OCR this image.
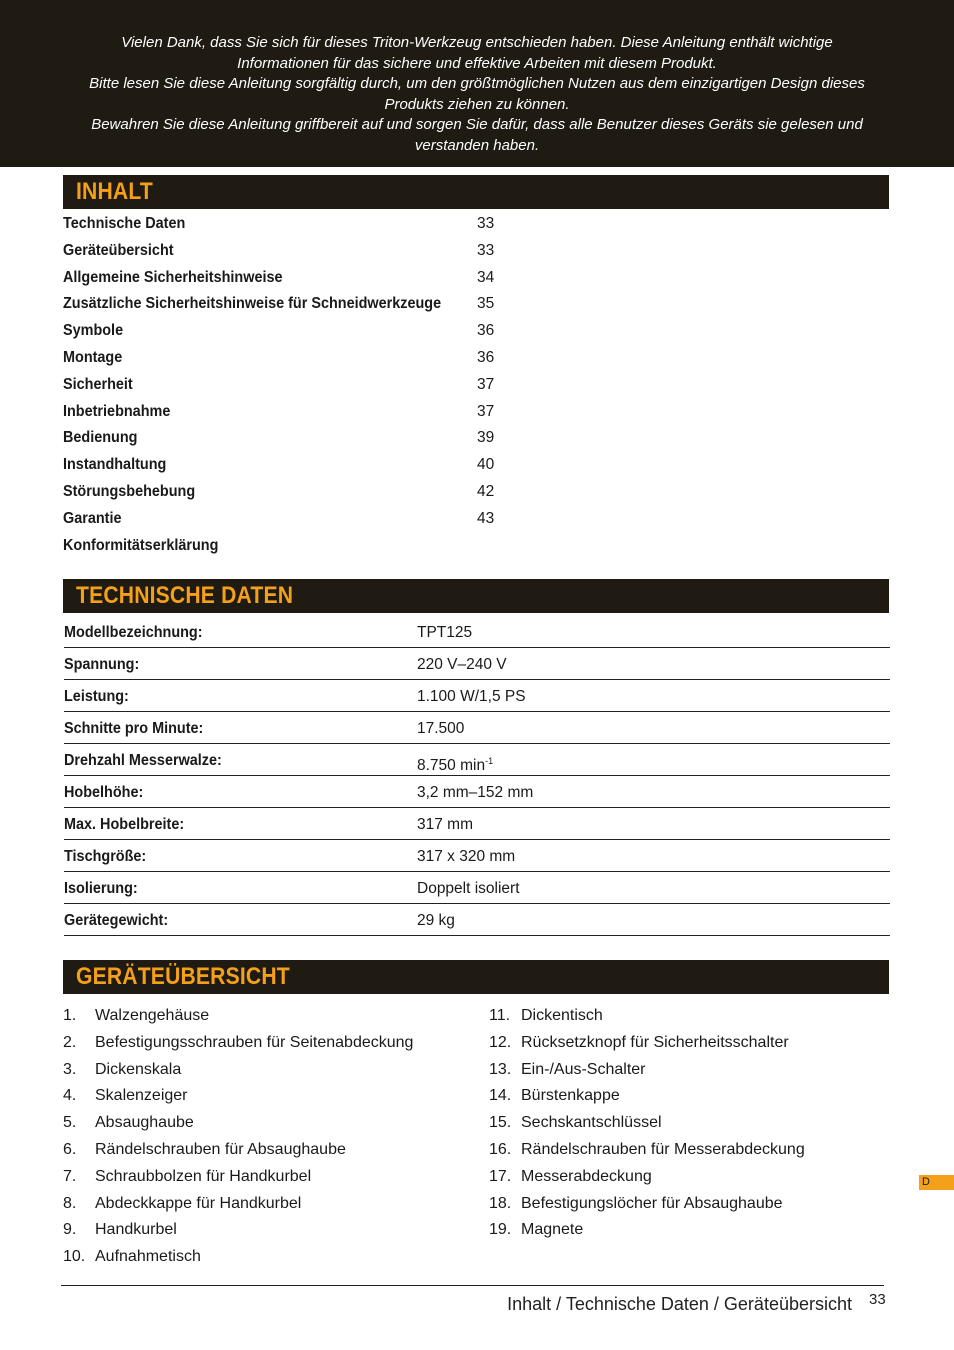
Vielen Dank, dass Sie sich für dieses Triton-Werkzeug entschieden haben. Diese Anleitung enthält wichtige Informationen für das sichere und effektive Arbeiten mit diesem Produkt.

Bitte lesen Sie diese Anleitung sorgfältig durch, um den größtmöglichen Nutzen aus dem einzigartigen Design dieses Produkts ziehen zu können.

Bewahren Sie diese Anleitung griffbereit auf und sorgen Sie dafür, dass alle Benutzer dieses Geräts sie gelesen und verstanden haben.

INHALT
Technische Daten	33
Geräteübersicht	33
Allgemeine Sicherheitshinweise	34
Zusätzliche Sicherheitshinweise für Schneidwerkzeuge 35
Symbole	36
Montage	36
Sicherheit	37
Inbetriebnahme	37
Bedienung	39
Instandhaltung	40
Störungsbehebung	42
Garantie	43
Konformitätserklärung
TECHNISCHE DATEN
Modellbezeichnung:	TPT125
Spannung:	220 V–240 V
Leistung:	1.100 W/1,5 PS
Schnitte pro Minute:	17.500
Drehzahl Messerwalze:	8.750 $\min^{-1}$
Hobelhöhe:	3,2 mm–152 mm
Max. Hobelbreite:	317 mm
Tischgröße:	317 x 320 mm
Isolierung:	Doppelt isoliert
Gerätegewicht:	29 kg
GERÄTEÜBERSICHT
1. Walzengehäuse
2. Befestigungsschrauben für Seitenabdeckung
3. Dickenskala
4. Skalenzeiger
5. Absaughaube
6. Rändelschrauben für Absaughaube
7. Schraubbolzen für Handkurbel
8. Abdeckkappe für Handkurbel
9. Handkurbel
10. Aufnahmetisch
11. Dickentisch
12. Rücksetzknopf für Sicherheitsschalter
13. Ein-/Aus-Schalter
14. Bürstenkappe
15. Sechskantschlüssel
16. Rändelschrauben für Messerabdeckung
17. Messerabdeckung
18. Befestigungslöcher für Absaughaube
19. Magnete
D
Inhalt / Technische Daten / Geräteübersicht 33
